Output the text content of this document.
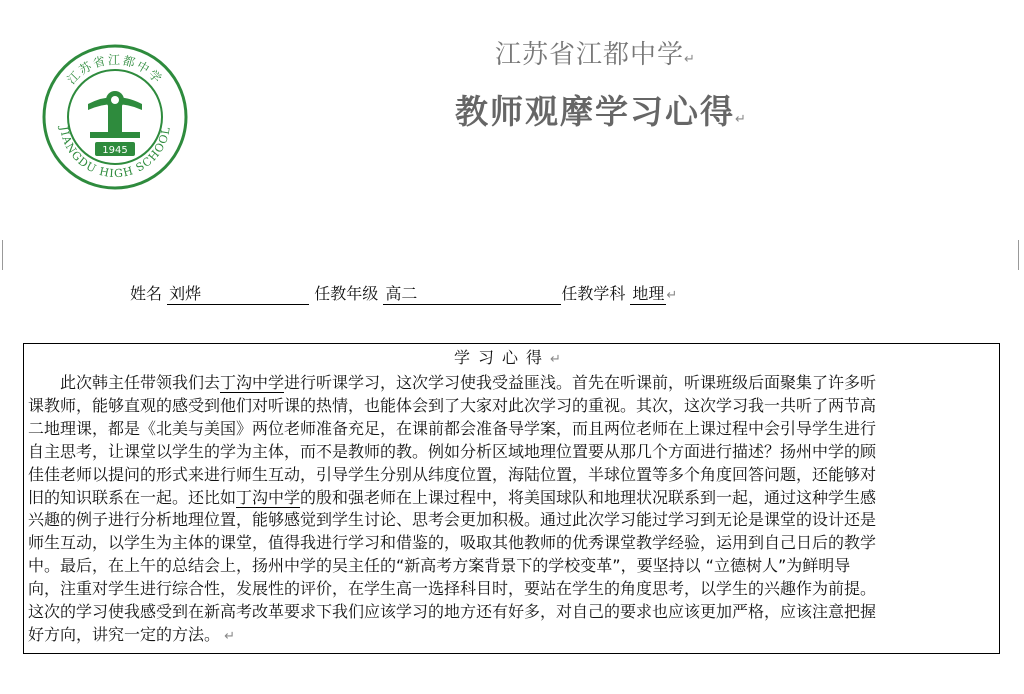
江苏省江都中学
JIANGDU HIGH SCHOOL
1945
江苏省江都中学↵
教师观摩学习心得↵
姓名 刘烨	任教年级 高二	任教学科 地理 ↵
学习心得↵
　　此次韩主任带领我们去丁沟中学进行听课学习，这次学习使我受益匪浅。首先在听课前，听课班级后面聚集了许多听
课教师，能够直观的感受到他们对听课的热情，也能体会到了大家对此次学习的重视。其次，这次学习我一共听了两节高
二地理课，都是《北美与美国》两位老师准备充足，在课前都会准备导学案，而且两位老师在上课过程中会引导学生进行
自主思考，让课堂以学生的学为主体，而不是教师的教。例如分析区域地理位置要从那几个方面进行描述？扬州中学的顾
佳佳老师以提问的形式来进行师生互动，引导学生分别从纬度位置，海陆位置，半球位置等多个角度回答问题，还能够对
旧的知识联系在一起。还比如丁沟中学的殷和强老师在上课过程中，将美国球队和地理状况联系到一起，通过这种学生感
兴趣的例子进行分析地理位置，能够感觉到学生讨论、思考会更加积极。通过此次学习能过学习到无论是课堂的设计还是
师生互动，以学生为主体的课堂，值得我进行学习和借鉴的，吸取其他教师的优秀课堂教学经验，运用到自己日后的教学
中。最后，在上午的总结会上，扬州中学的吴主任的“新高考方案背景下的学校变革”，要坚持以 “立德树人”为鲜明导
向，注重对学生进行综合性，发展性的评价，在学生高一选择科目时，要站在学生的角度思考，以学生的兴趣作为前提。
这次的学习使我感受到在新高考改革要求下我们应该学习的地方还有好多，对自己的要求也应该更加严格，应该注意把握
好方向，讲究一定的方法。 ↵
